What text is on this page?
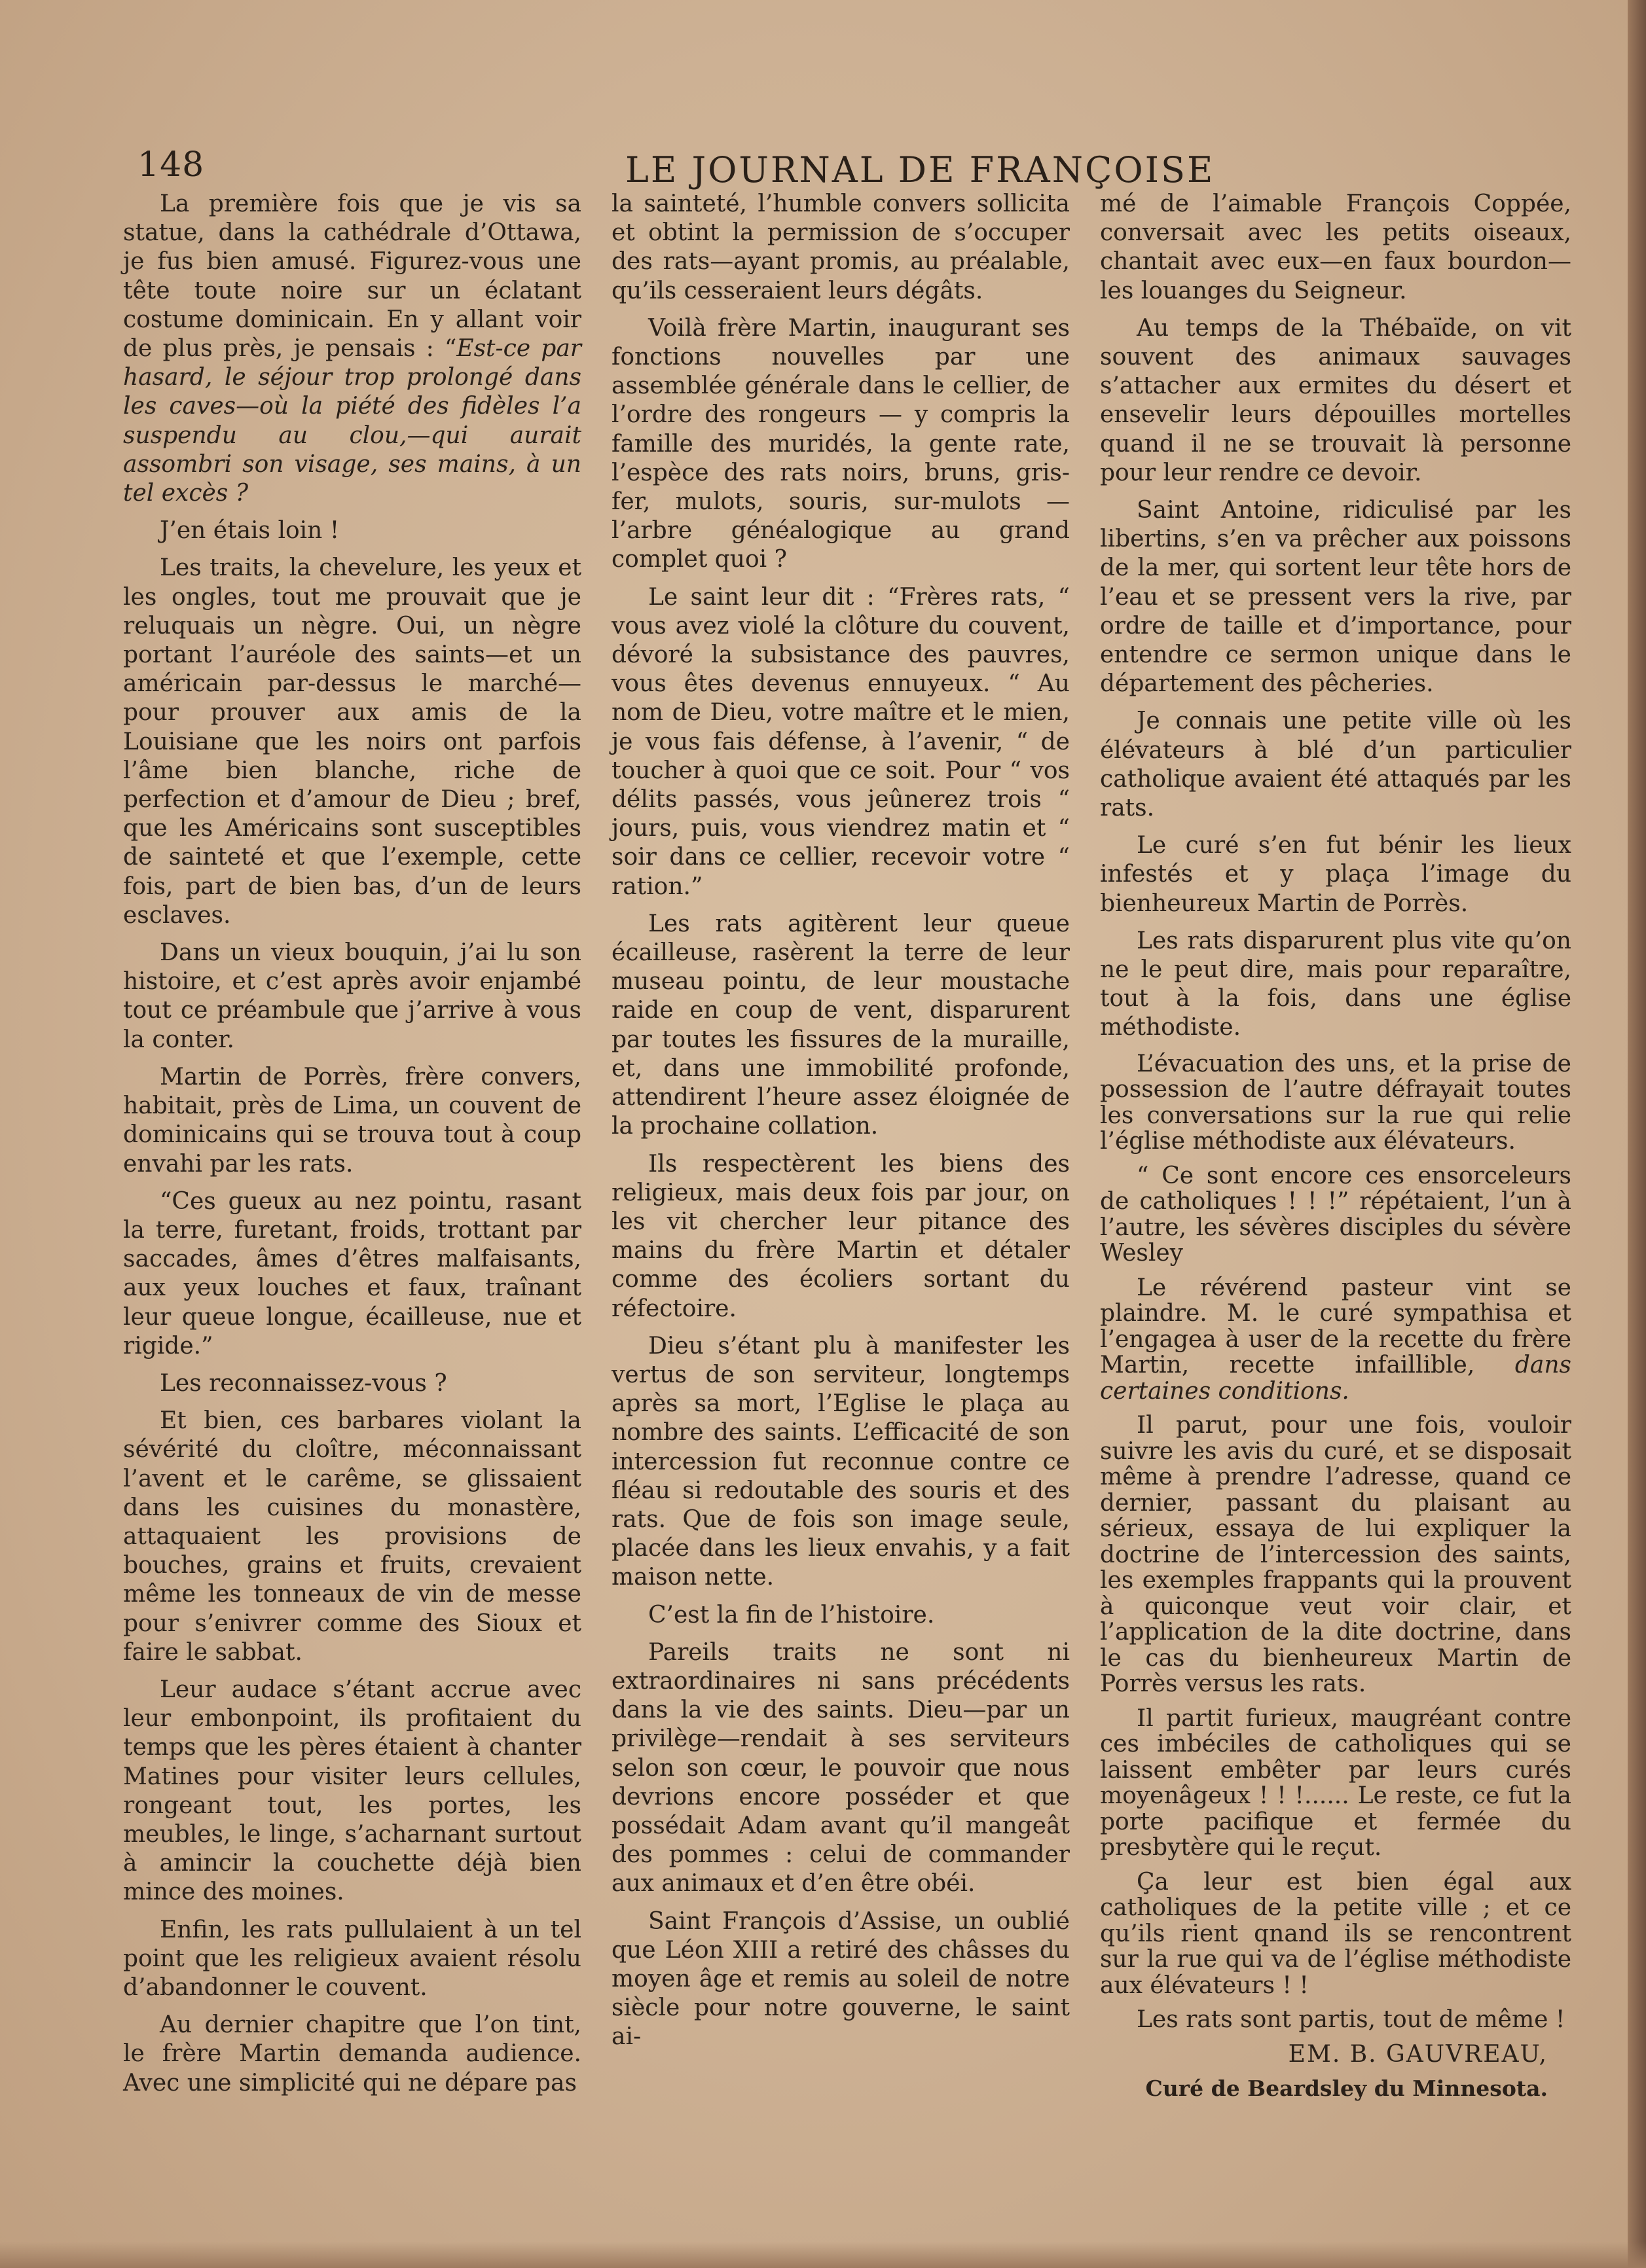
148	LE JOURNAL DE FRANÇOISE

La première fois que je vis sa statue, dans la cathédrale d’Ottawa, je fus bien amusé. Figurez-vous une tête toute noire sur un éclatant costume dominicain. En y allant voir de plus près, je pensais : “Est-ce par hasard, le séjour trop prolongé dans les caves—où la piété des fidèles l’a suspendu au clou,—qui aurait assombri son visage, ses mains, à un tel excès ?

J’en étais loin !

Les traits, la chevelure, les yeux et les ongles, tout me prouvait que je reluquais un nègre. Oui, un nègre portant l’auréole des saints—et un américain par-dessus le marché—pour prouver aux amis de la Louisiane que les noirs ont parfois l’âme bien blanche, riche de perfection et d’amour de Dieu ; bref, que les Américains sont susceptibles de sainteté et que l’exemple, cette fois, part de bien bas, d’un de leurs esclaves.

Dans un vieux bouquin, j’ai lu son histoire, et c’est après avoir enjambé tout ce préambule que j’arrive à vous la conter.

Martin de Porrès, frère convers, habitait, près de Lima, un couvent de dominicains qui se trouva tout à coup envahi par les rats.

“Ces gueux au nez pointu, rasant la terre, furetant, froids, trottant par saccades, âmes d’êtres malfaisants, aux yeux louches et faux, traînant leur queue longue, écailleuse, nue et rigide.”

Les reconnaissez-vous ?

Et bien, ces barbares violant la sévérité du cloître, méconnaissant l’avent et le carême, se glissaient dans les cuisines du monastère, attaquaient les provisions de bouches, grains et fruits, crevaient même les tonneaux de vin de messe pour s’enivrer comme des Sioux et faire le sabbat.

Leur audace s’étant accrue avec leur embonpoint, ils profitaient du temps que les pères étaient à chanter Matines pour visiter leurs cellules, rongeant tout, les portes, les meubles, le linge, s’acharnant surtout à amincir la couchette déjà bien mince des moines.

Enfin, les rats pullulaient à un tel point que les religieux avaient résolu d’abandonner le couvent.

Au dernier chapitre que l’on tint, le frère Martin demanda audience. Avec une simplicité qui ne dépare pas

la sainteté, l’humble convers sollicita et obtint la permission de s’occuper des rats—ayant promis, au préalable, qu’ils cesseraient leurs dégâts.

Voilà frère Martin, inaugurant ses fonctions nouvelles par une assemblée générale dans le cellier, de l’ordre des rongeurs — y compris la famille des muridés, la gente rate, l’espèce des rats noirs, bruns, gris-fer, mulots, souris, sur-mulots — l’arbre généalogique au grand complet quoi ?

Le saint leur dit : “Frères rats, “ vous avez violé la clôture du couvent, dévoré la subsistance des pauvres, vous êtes devenus ennuyeux. “ Au nom de Dieu, votre maître et le mien, je vous fais défense, à l’avenir, “ de toucher à quoi que ce soit. Pour “ vos délits passés, vous jeûnerez trois “ jours, puis, vous viendrez matin et “ soir dans ce cellier, recevoir votre “ ration.”

Les rats agitèrent leur queue écailleuse, rasèrent la terre de leur museau pointu, de leur moustache raide en coup de vent, disparurent par toutes les fissures de la muraille, et, dans une immobilité profonde, attendirent l’heure assez éloignée de la prochaine collation.

Ils respectèrent les biens des religieux, mais deux fois par jour, on les vit chercher leur pitance des mains du frère Martin et détaler comme des écoliers sortant du réfectoire.

Dieu s’étant plu à manifester les vertus de son serviteur, longtemps après sa mort, l’Eglise le plaça au nombre des saints. L’efficacité de son intercession fut reconnue contre ce fléau si redoutable des souris et des rats. Que de fois son image seule, placée dans les lieux envahis, y a fait maison nette.

C’est la fin de l’histoire.

Pareils traits ne sont ni extraordinaires ni sans précédents dans la vie des saints. Dieu—par un privilège—rendait à ses serviteurs selon son cœur, le pouvoir que nous devrions encore posséder et que possédait Adam avant qu’il mangeât des pommes : celui de commander aux animaux et d’en être obéi.

Saint François d’Assise, un oublié que Léon XIII a retiré des châsses du moyen âge et remis au soleil de notre siècle pour notre gouverne, le saint ai-

mé de l’aimable François Coppée, conversait avec les petits oiseaux, chantait avec eux—en faux bourdon—les louanges du Seigneur.

Au temps de la Thébaïde, on vit souvent des animaux sauvages s’attacher aux ermites du désert et ensevelir leurs dépouilles mortelles quand il ne se trouvait là personne pour leur rendre ce devoir.

Saint Antoine, ridiculisé par les libertins, s’en va prêcher aux poissons de la mer, qui sortent leur tête hors de l’eau et se pressent vers la rive, par ordre de taille et d’importance, pour entendre ce sermon unique dans le département des pêcheries.

Je connais une petite ville où les élévateurs à blé d’un particulier catholique avaient été attaqués par les rats.

Le curé s’en fut bénir les lieux infestés et y plaça l’image du bienheureux Martin de Porrès.

Les rats disparurent plus vite qu’on ne le peut dire, mais pour reparaître, tout à la fois, dans une église méthodiste.

L’évacuation des uns, et la prise de possession de l’autre défrayait toutes les conversations sur la rue qui relie l’église méthodiste aux élévateurs.

“ Ce sont encore ces ensorceleurs de catholiques ! ! !” répétaient, l’un à l’autre, les sévères disciples du sévère Wesley

Le révérend pasteur vint se plaindre. M. le curé sympathisa et l’engagea à user de la recette du frère Martin, recette infaillible, dans certaines conditions.

Il parut, pour une fois, vouloir suivre les avis du curé, et se disposait même à prendre l’adresse, quand ce dernier, passant du plaisant au sérieux, essaya de lui expliquer la doctrine de l’intercession des saints, les exemples frappants qui la prouvent à quiconque veut voir clair, et l’application de la dite doctrine, dans le cas du bienheureux Martin de Porrès versus les rats.

Il partit furieux, maugréant contre ces imbéciles de catholiques qui se laissent embêter par leurs curés moyenâgeux ! ! !...... Le reste, ce fut la porte pacifique et fermée du presbytère qui le reçut.

Ça leur est bien égal aux catholiques de la petite ville ; et ce qu’ils rient qnand ils se rencontrent sur la rue qui va de l’église méthodiste aux élévateurs ! !

Les rats sont partis, tout de même !

EM. B. GAUVREAU,

Curé de Beardsley du Minnesota.
